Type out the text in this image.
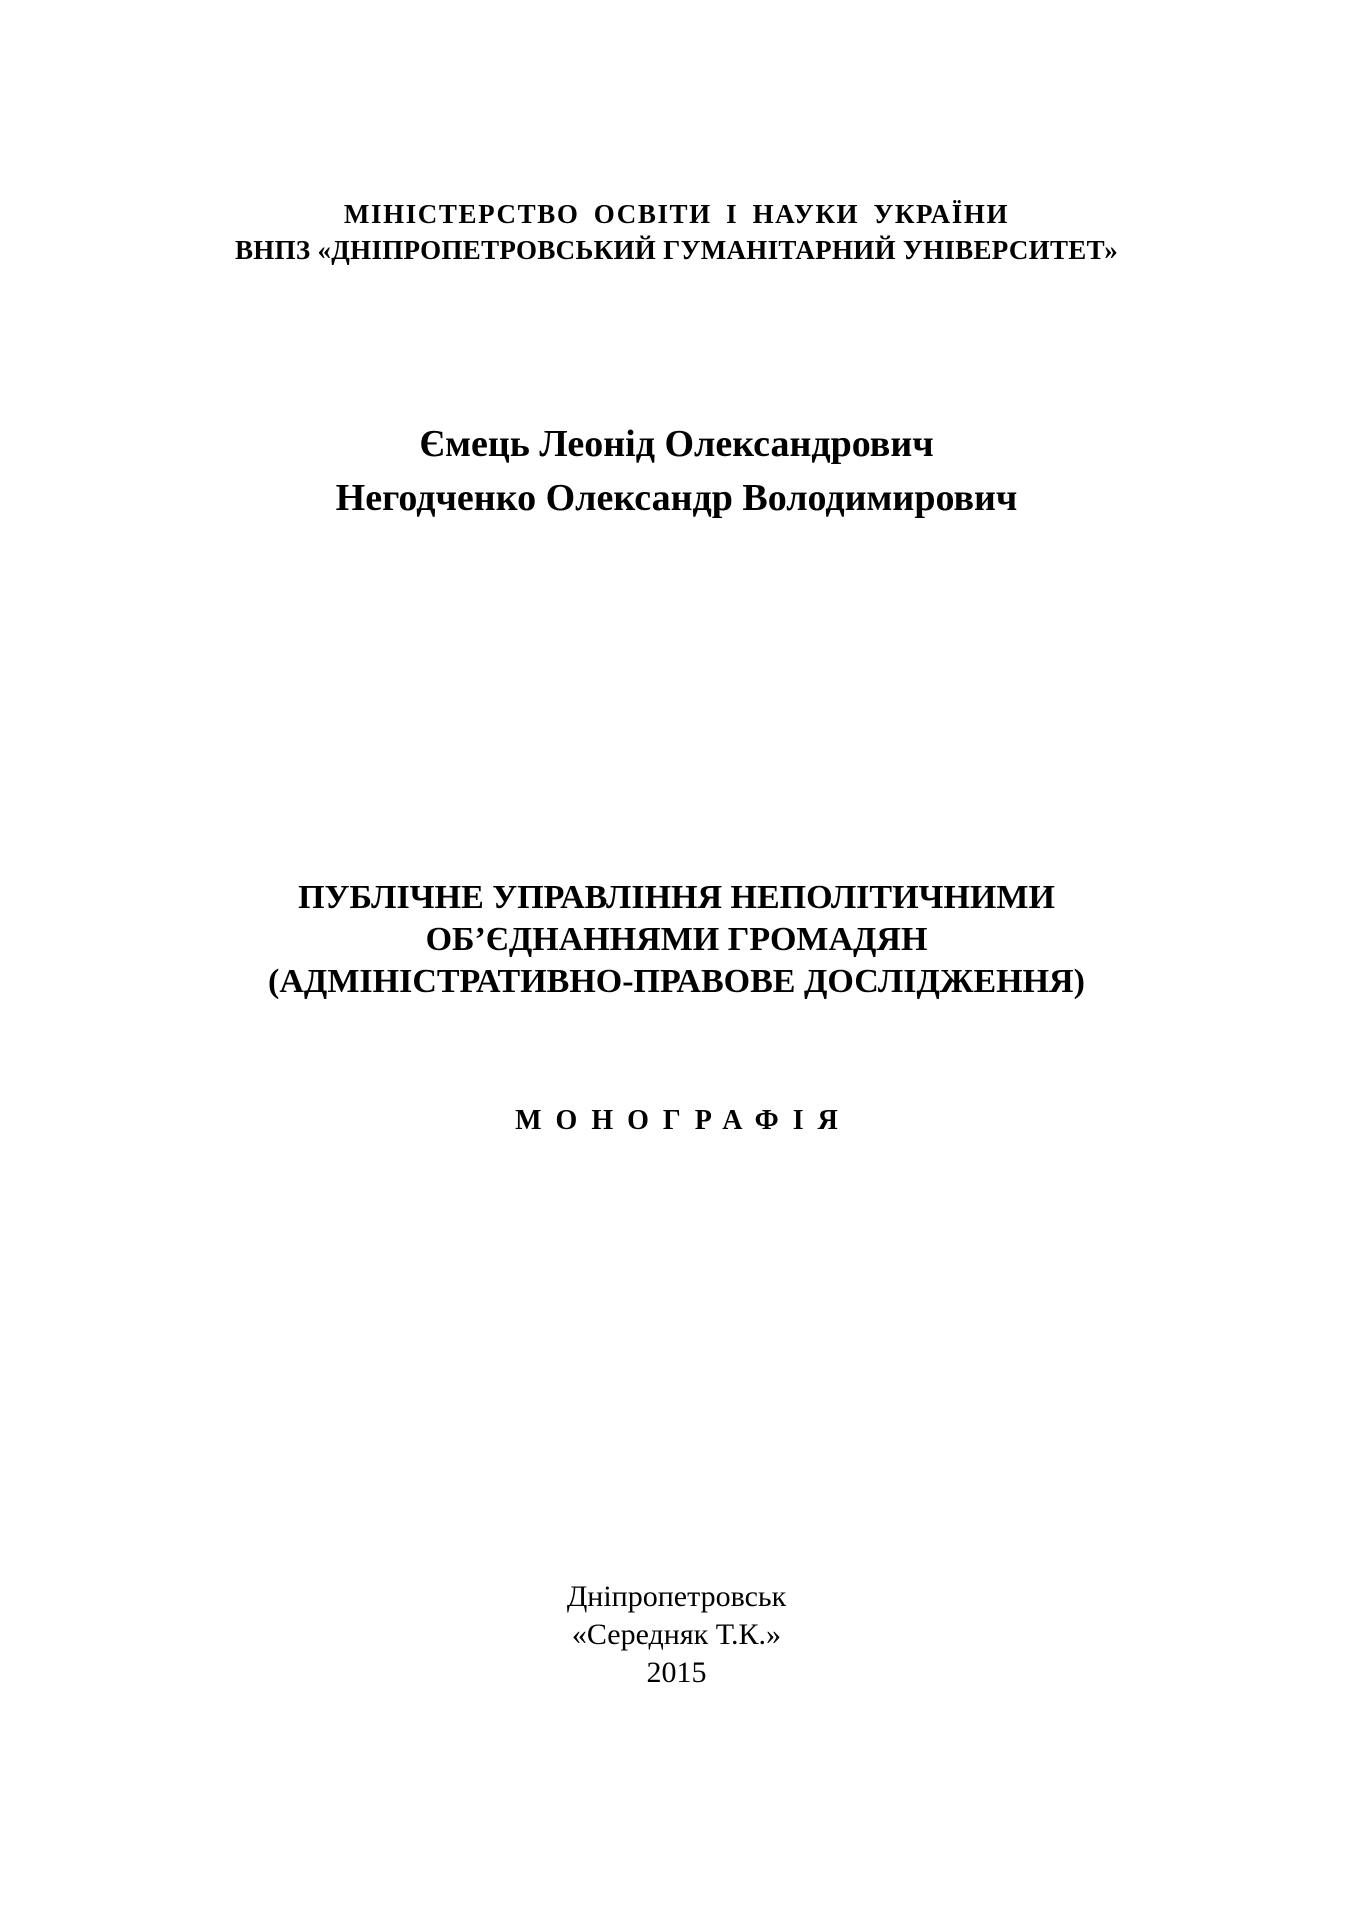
МІНІСТЕРСТВО ОСВІТИ І НАУКИ УКРАЇНИ
ВНПЗ «ДНІПРОПЕТРОВСЬКИЙ ГУМАНІТАРНИЙ УНІВЕРСИТЕТ»
Ємець Леонід Олександрович
Негодченко Олександр Володимирович
ПУБЛІЧНЕ УПРАВЛІННЯ НЕПОЛІТИЧНИМИ
ОБ’ЄДНАННЯМИ ГРОМАДЯН
(АДМІНІСТРАТИВНО-ПРАВОВЕ ДОСЛІДЖЕННЯ)
МОНОГРАФІЯ
Дніпропетровськ
«Середняк Т.К.»
2015
